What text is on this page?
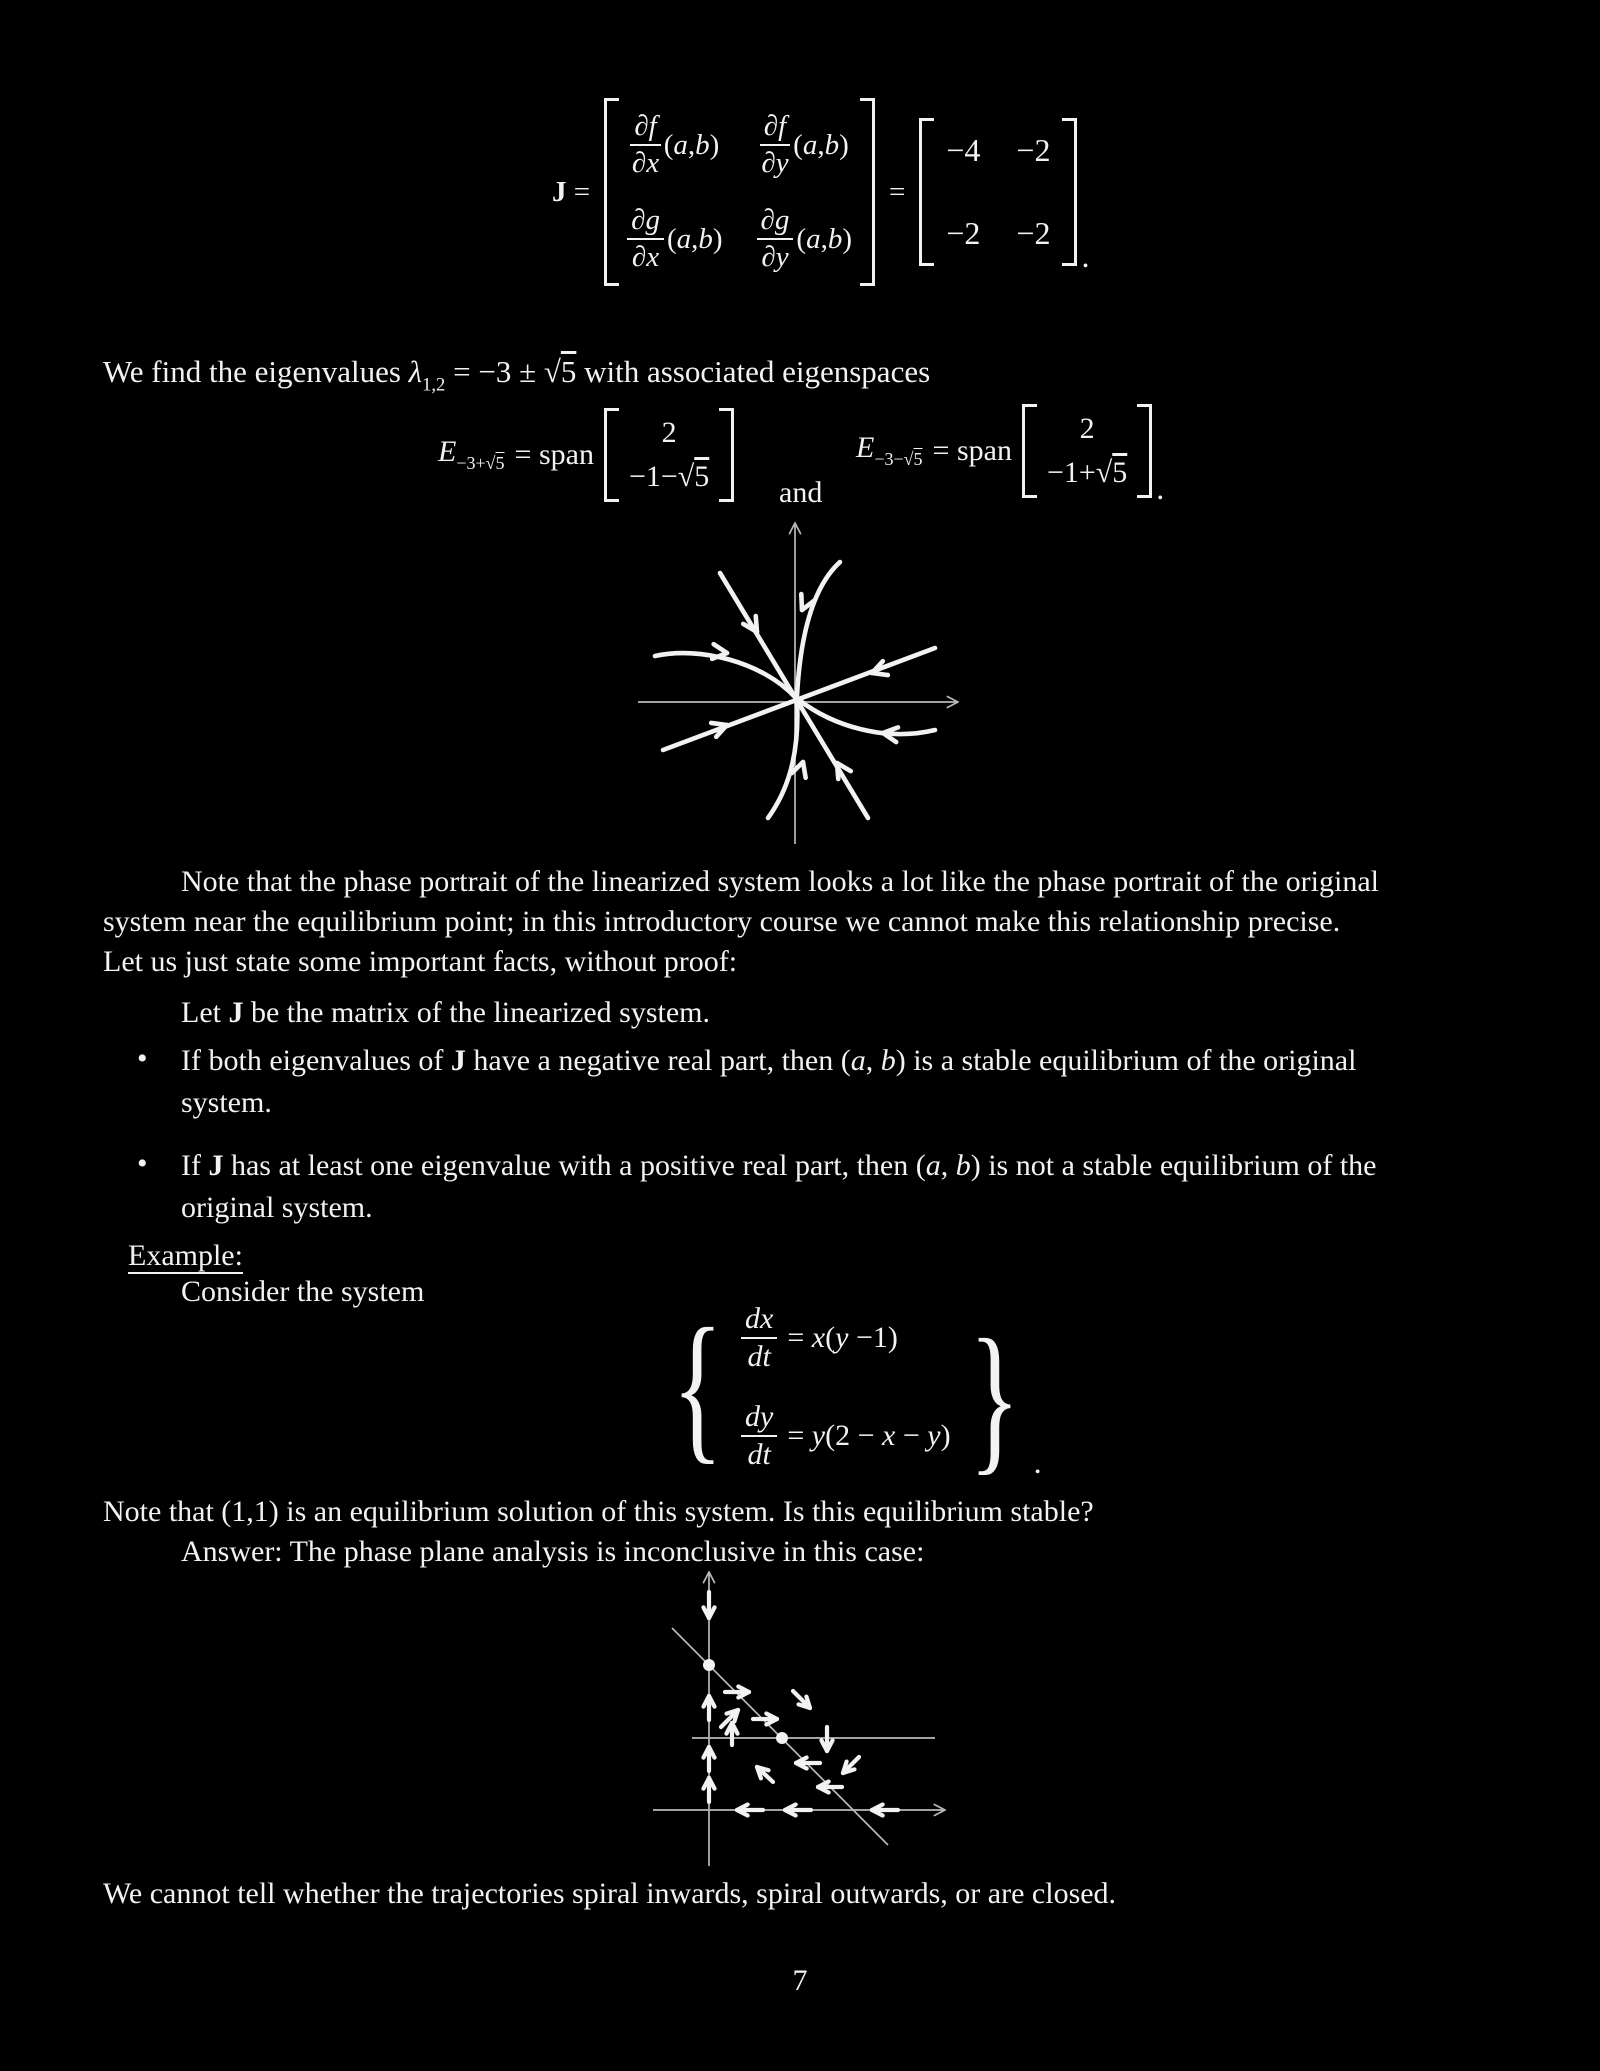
J =
$\frac{\partial f}{\partial x} (a,b) \frac{\partial f}{\partial y} (a,b)$
$\frac{\partial g}{\partial x} (a,b) \frac{\partial g}{\partial y} (a,b)$
=
−4 −2
−2 −2
.
We find the eigenvalues $\lambda_{1,2} = -3 \pm √5$ with associated eigenspaces
$E_{-3+√5}$ = span
2
−1−√5 and
$E_{-3-√5}$ = span
2
−1+√5 .
Note that the phase portrait of the linearized system looks a lot like the phase portrait of the original
system near the equilibrium point; in this introductory course we cannot make this relationship precise.
Let us just state some important facts, without proof:
Let J be the matrix of the linearized system.
• If both eigenvalues of J have a negative real part, then (a, b) is a stable equilibrium of the original
system.
• If J has at least one eigenvalue with a positive real part, then (a, b) is not a stable equilibrium of the
original system.
Example:
Consider the system
{ $\frac{dx}{dt} = x(y -1)$
$\frac{dy}{dt} = y(2 - x - y)$ } .
Note that (1,1) is an equilibrium solution of this system. Is this equilibrium stable?
Answer: The phase plane analysis is inconclusive in this case:
We cannot tell whether the trajectories spiral inwards, spiral outwards, or are closed.
7
